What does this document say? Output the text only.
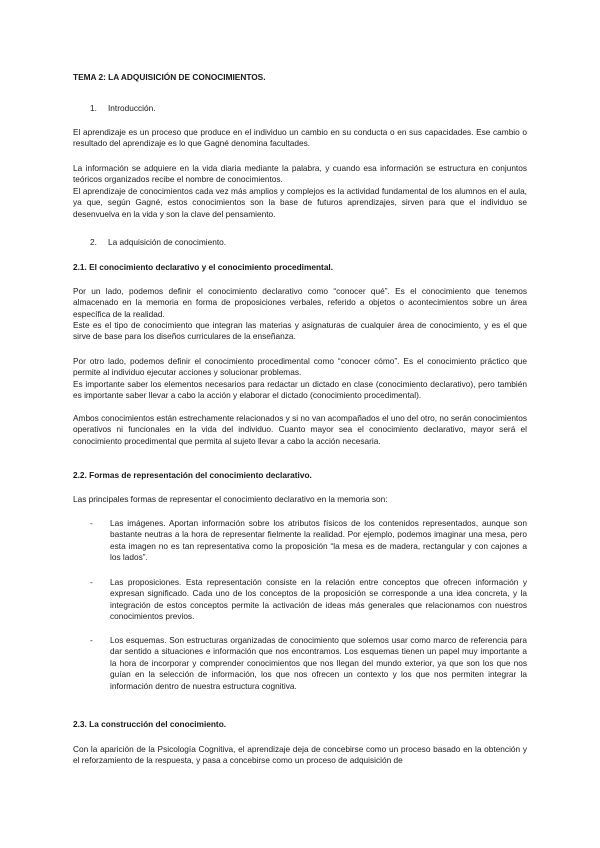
TEMA 2: LA ADQUISICIÓN DE CONOCIMIENTOS.

1. Introducción.

El aprendizaje es un proceso que produce en el individuo un cambio en su conducta o en sus capacidades. Ese cambio o resultado del aprendizaje es lo que Gagné denomina facultades.

La información se adquiere en la vida diaria mediante la palabra, y cuando esa información se estructura en conjuntos teóricos organizados recibe el nombre de conocimientos.

El aprendizaje de conocimientos cada vez más amplios y complejos es la actividad fundamental de los alumnos en el aula, ya que, según Gagné, estos conocimientos son la base de futuros aprendizajes, sirven para que el individuo se desenvuelva en la vida y son la clave del pensamiento.

2. La adquisición de conocimiento.

2.1. El conocimiento declarativo y el conocimiento procedimental.

Por un lado, podemos definir el conocimiento declarativo como “conocer qué”. Es el conocimiento que tenemos almacenado en la memoria en forma de proposiciones verbales, referido a objetos o acontecimientos sobre un área específica de la realidad.

Este es el tipo de conocimiento que integran las materias y asignaturas de cualquier área de conocimiento, y es el que sirve de base para los diseños curriculares de la enseñanza.

Por otro lado, podemos definir el conocimiento procedimental como “conocer cómo”. Es el conocimiento práctico que permite al individuo ejecutar acciones y solucionar problemas.

Es importante saber los elementos necesarios para redactar un dictado en clase (conocimiento declarativo), pero también es importante saber llevar a cabo la acción y elaborar el dictado (conocimiento procedimental).

Ambos conocimientos están estrechamente relacionados y si no van acompañados el uno del otro, no serán conocimientos operativos ni funcionales en la vida del individuo. Cuanto mayor sea el conocimiento declarativo, mayor será el conocimiento procedimental que permita al sujeto llevar a cabo la acción necesaria.

2.2. Formas de representación del conocimiento declarativo.

Las principales formas de representar el conocimiento declarativo en la memoria son:

- Las imágenes. Aportan información sobre los atributos físicos de los contenidos representados, aunque son bastante neutras a la hora de representar fielmente la realidad. Por ejemplo, podemos imaginar una mesa, pero esta imagen no es tan representativa como la proposición “la mesa es de madera, rectangular y con cajones a los lados”.

- Las proposiciones. Esta representación consiste en la relación entre conceptos que ofrecen información y expresan significado. Cada uno de los conceptos de la proposición se corresponde a una idea concreta, y la integración de estos conceptos permite la activación de ideas más generales que relacionamos con nuestros conocimientos previos.

- Los esquemas. Son estructuras organizadas de conocimiento que solemos usar como marco de referencia para dar sentido a situaciones e información que nos encontramos. Los esquemas tienen un papel muy importante a la hora de incorporar y comprender conocimientos que nos llegan del mundo exterior, ya que son los que nos guían en la selección de información, los que nos ofrecen un contexto y los que nos permiten integrar la información dentro de nuestra estructura cognitiva.

2.3. La construcción del conocimiento.

Con la aparición de la Psicología Cognitiva, el aprendizaje deja de concebirse como un proceso basado en la obtención y el reforzamiento de la respuesta, y pasa a concebirse como un proceso de adquisición de
